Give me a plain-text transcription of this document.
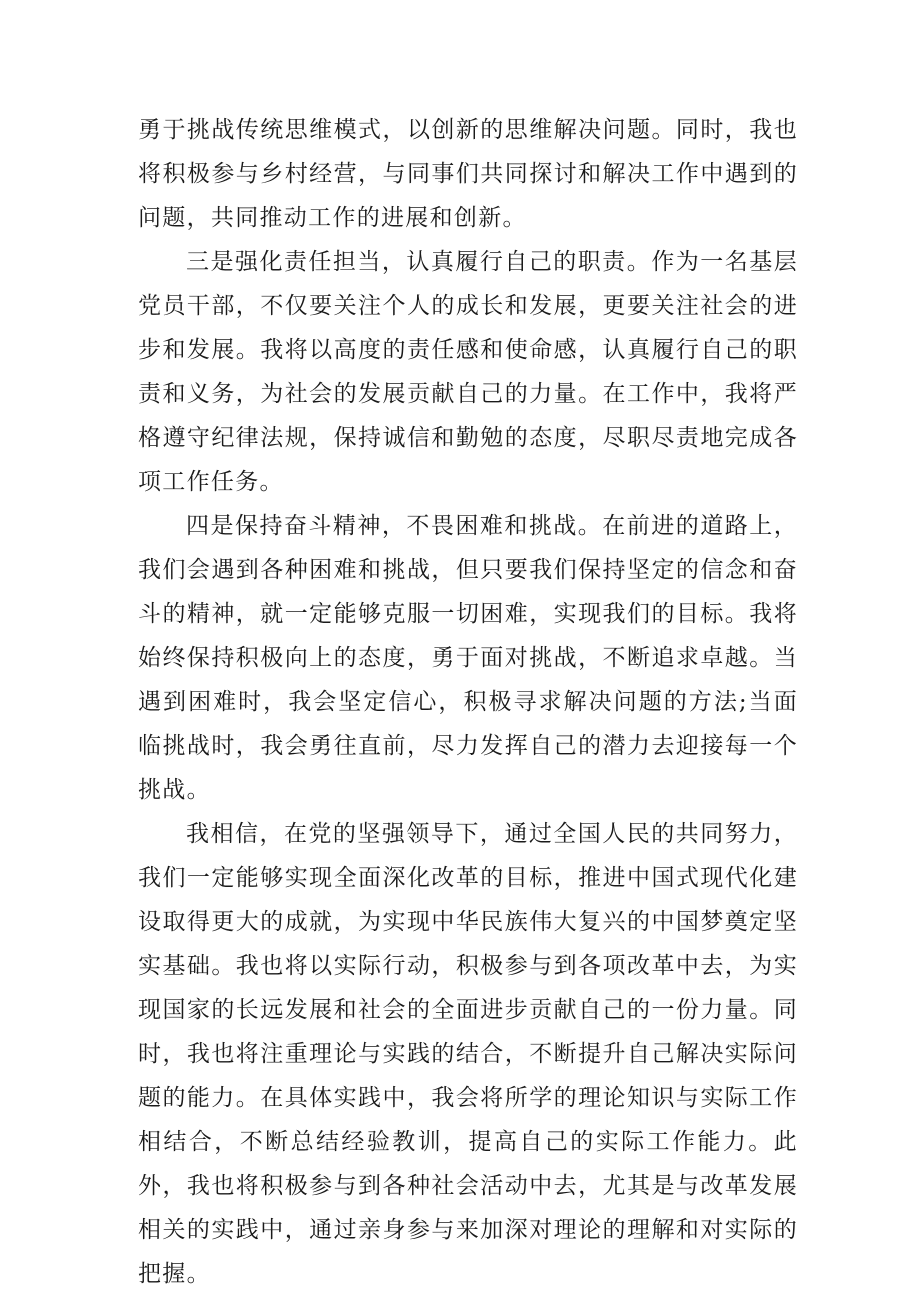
勇于挑战传统思维模式，以创新的思维解决问题。同时，我也将积极参与乡村经营，与同事们共同探讨和解决工作中遇到的问题，共同推动工作的进展和创新。

三是强化责任担当，认真履行自己的职责。作为一名基层党员干部，不仅要关注个人的成长和发展，更要关注社会的进步和发展。我将以高度的责任感和使命感，认真履行自己的职责和义务，为社会的发展贡献自己的力量。在工作中，我将严格遵守纪律法规，保持诚信和勤勉的态度，尽职尽责地完成各项工作任务。

四是保持奋斗精神，不畏困难和挑战。在前进的道路上，我们会遇到各种困难和挑战，但只要我们保持坚定的信念和奋斗的精神，就一定能够克服一切困难，实现我们的目标。我将始终保持积极向上的态度，勇于面对挑战，不断追求卓越。当遇到困难时，我会坚定信心，积极寻求解决问题的方法;当面临挑战时，我会勇往直前，尽力发挥自己的潜力去迎接每一个挑战。

我相信，在党的坚强领导下，通过全国人民的共同努力，我们一定能够实现全面深化改革的目标，推进中国式现代化建设取得更大的成就，为实现中华民族伟大复兴的中国梦奠定坚实基础。我也将以实际行动，积极参与到各项改革中去，为实现国家的长远发展和社会的全面进步贡献自己的一份力量。同时，我也将注重理论与实践的结合，不断提升自己解决实际问题的能力。在具体实践中，我会将所学的理论知识与实际工作相结合，不断总结经验教训，提高自己的实际工作能力。此外，我也将积极参与到各种社会活动中去，尤其是与改革发展相关的实践中，通过亲身参与来加深对理论的理解和对实际的把握。
